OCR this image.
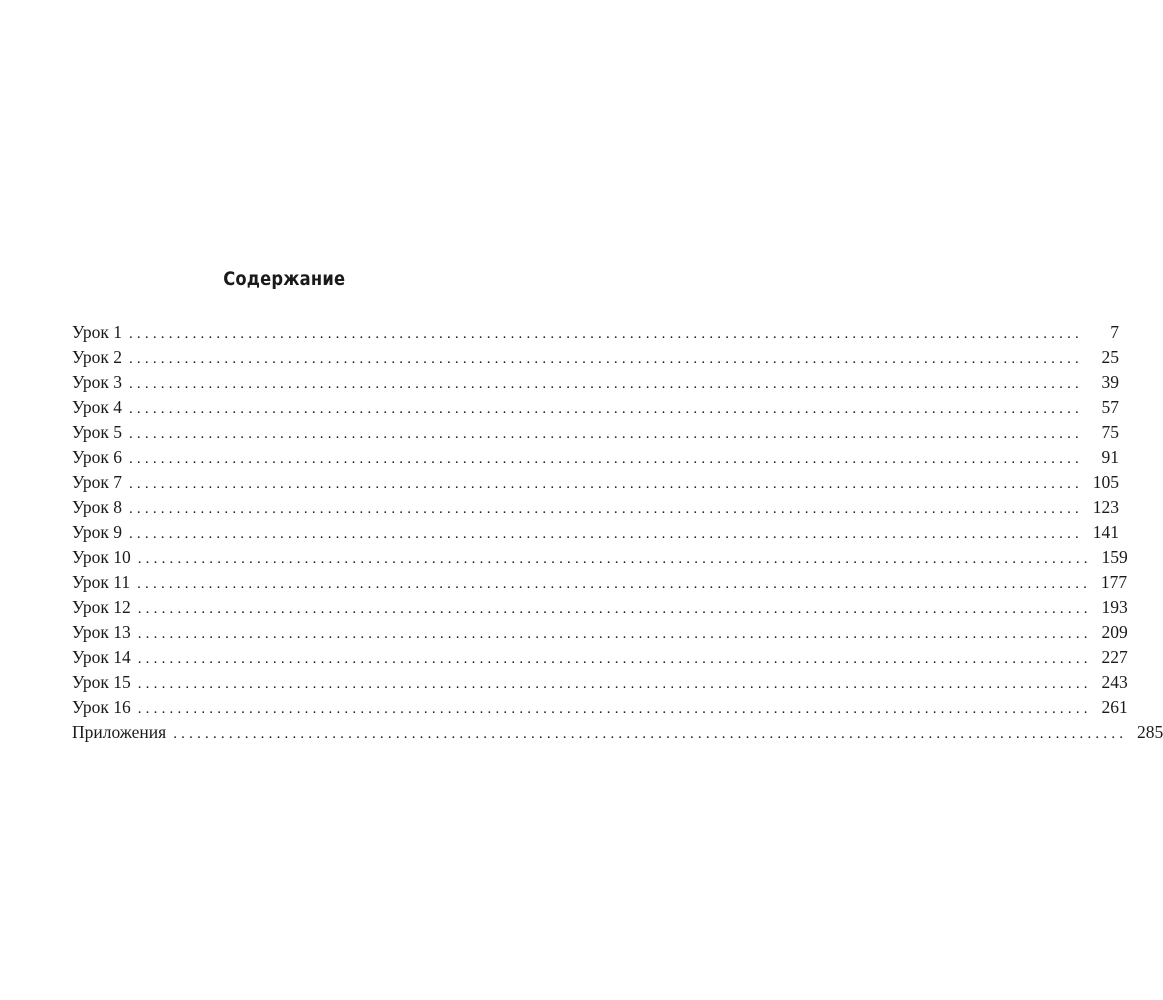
Содержание
Урок 1 ........................................................................................................................	7
Урок 2 ........................................................................................................................	25
Урок 3 ........................................................................................................................	39
Урок 4 ........................................................................................................................	57
Урок 5 ........................................................................................................................	75
Урок 6 ........................................................................................................................	91
Урок 7 ........................................................................................................................ 105
Урок 8 ........................................................................................................................ 123
Урок 9 ........................................................................................................................ 141
Урок 10 ........................................................................................................................ 159
Урок 11 ........................................................................................................................ 177
Урок 12 ........................................................................................................................ 193
Урок 13 ........................................................................................................................ 209
Урок 14 ........................................................................................................................ 227
Урок 15 ........................................................................................................................ 243
Урок 16 ........................................................................................................................ 261
Приложения ........................................................................................................................ 285
